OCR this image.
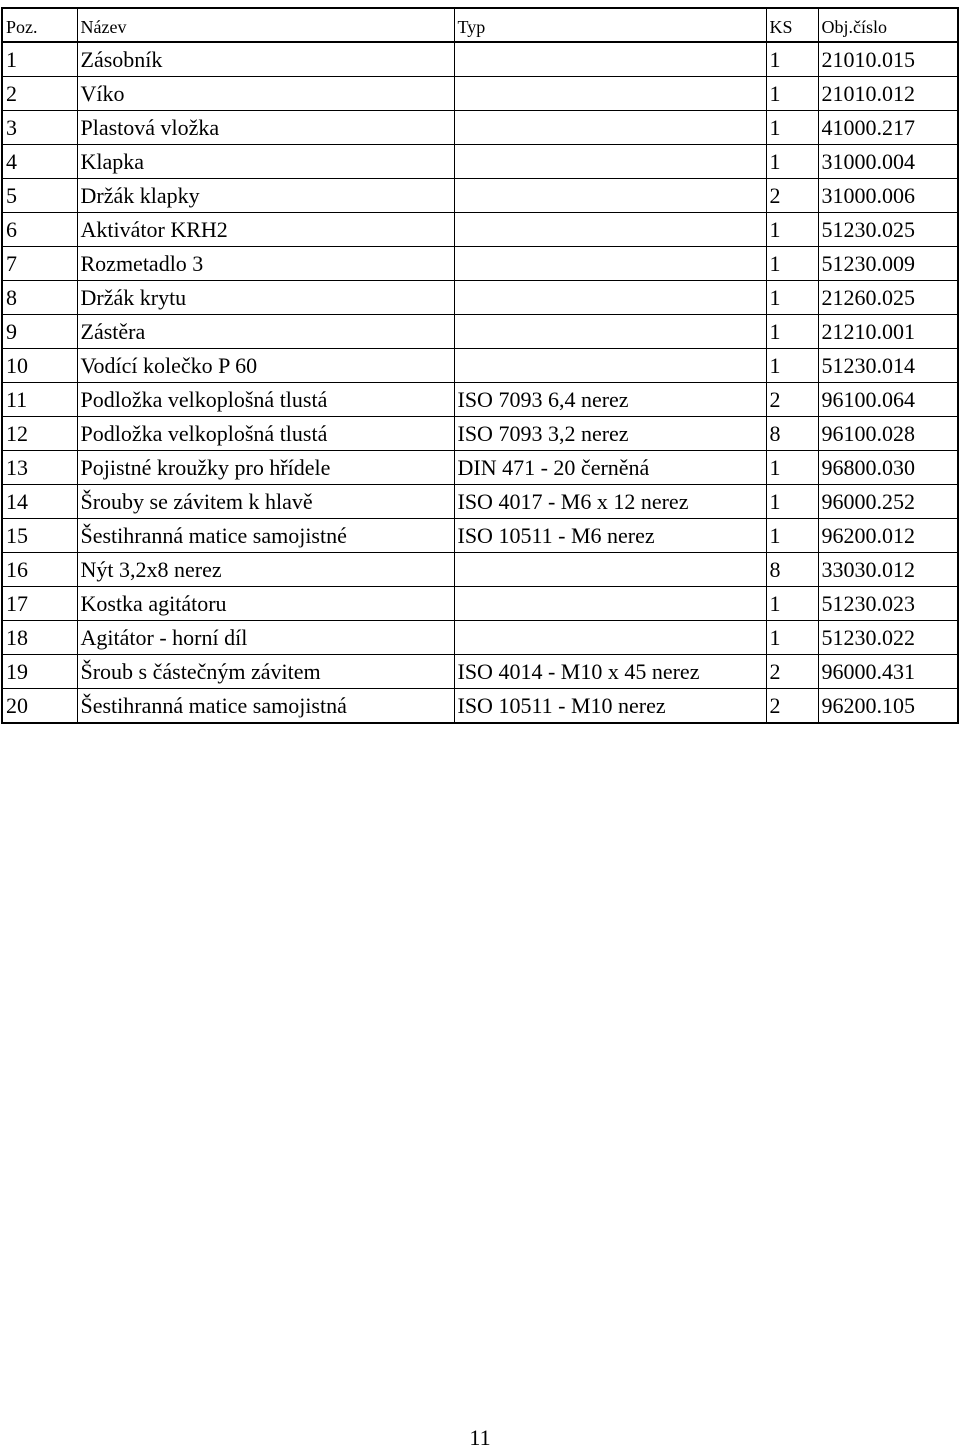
Poz.	Název	Typ	KS	Obj.číslo
1	Zásobník		1	21010.015
2	Víko		1	21010.012
3	Plastová vložka		1	41000.217
4	Klapka		1	31000.004
5	Držák klapky		2	31000.006
6	Aktivátor KRH2		1	51230.025
7	Rozmetadlo 3		1	51230.009
8	Držák krytu		1	21260.025
9	Zástěra		1	21210.001
10	Vodící kolečko P 60		1	51230.014
11	Podložka velkoplošná tlustá	ISO 7093 6,4 nerez	2	96100.064
12	Podložka velkoplošná tlustá	ISO 7093 3,2 nerez	8	96100.028
13	Pojistné kroužky pro hřídele	DIN 471 - 20 černěná	1	96800.030
14	Šrouby se závitem k hlavě	ISO 4017 - M6 x 12 nerez	1	96000.252
15	Šestihranná matice samojistné	ISO 10511 - M6 nerez	1	96200.012
16	Nýt 3,2x8 nerez		8	33030.012
17	Kostka agitátoru		1	51230.023
18	Agitátor - horní díl		1	51230.022
19	Šroub s částečným závitem	ISO 4014 - M10 x 45 nerez	2	96000.431
20	Šestihranná matice samojistná	ISO 10511 - M10 nerez	2	96200.105
11
